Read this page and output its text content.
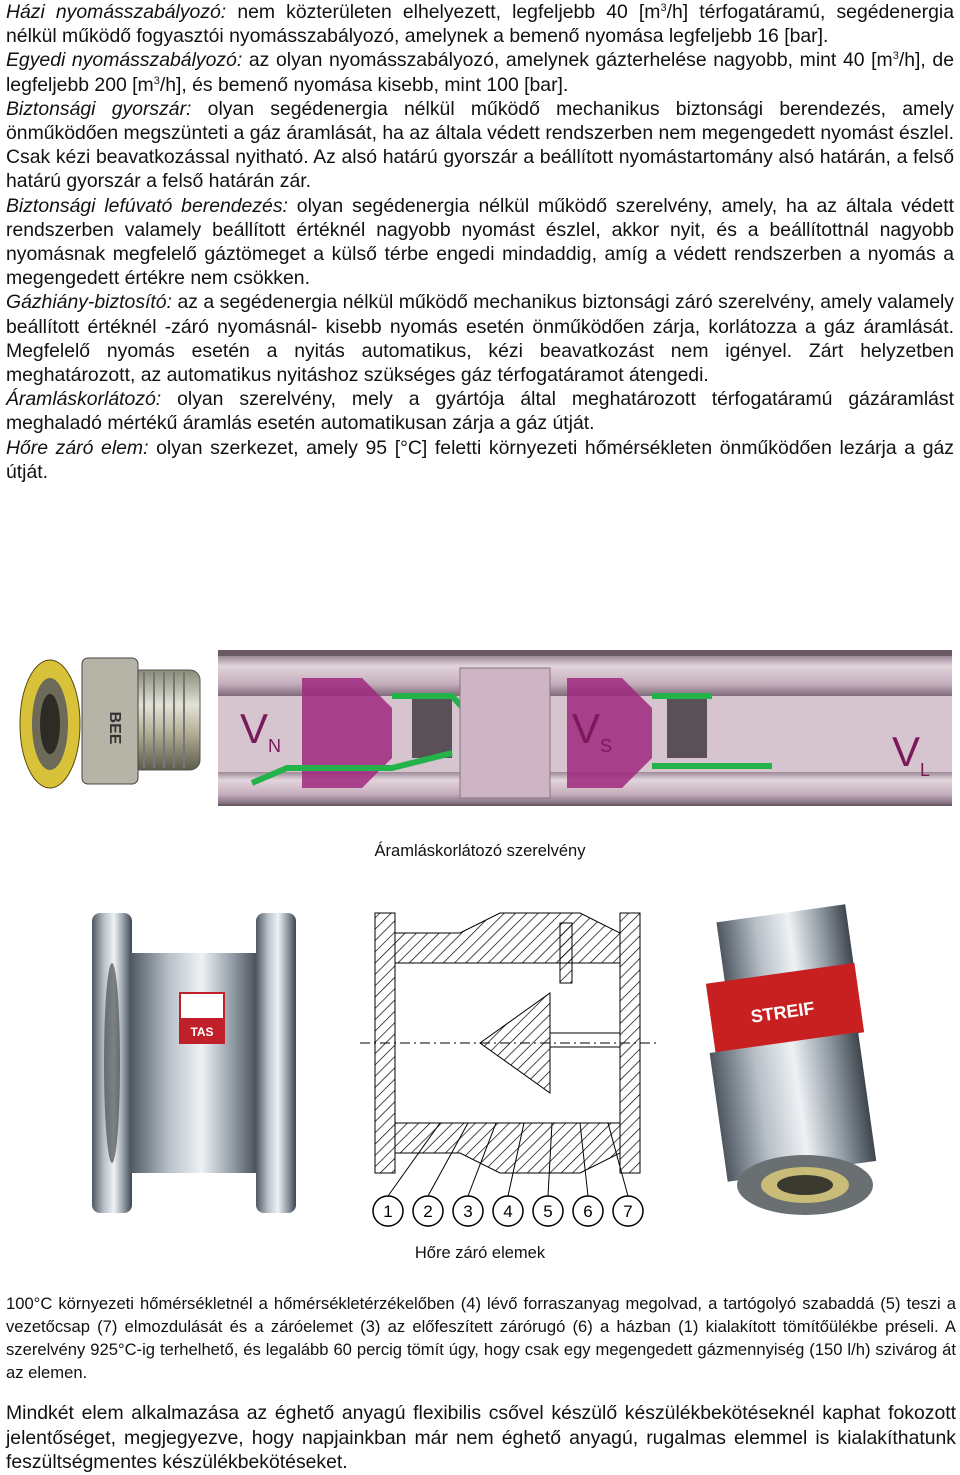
Házi nyomásszabályozó: nem közterületen elhelyezett, legfeljebb 40 $[m^3/h]$ térfogatáramú, segédenergia nélkül működő fogyasztói nyomásszabályozó, amelynek a bemenő nyomása legfeljebb 16 [bar].

Egyedi nyomásszabályozó: az olyan nyomásszabályozó, amelynek gázterhelése nagyobb, mint 40 $[m^3/h]$, de legfeljebb 200 $[m^3/h]$, és bemenő nyomása kisebb, mint 100 [bar].

Biztonsági gyorszár: olyan segédenergia nélkül működő mechanikus biztonsági berendezés, amely önműködően megszünteti a gáz áramlását, ha az általa védett rendszerben nem megengedett nyomást észlel. Csak kézi beavatkozással nyitható. Az alsó határú gyorszár a beállított nyomástartomány alsó határán, a felső határú gyorszár a felső határán zár.

Biztonsági lefúvató berendezés: olyan segédenergia nélkül működő szerelvény, amely, ha az általa védett rendszerben valamely beállított értéknél nagyobb nyomást észlel, akkor nyit, és a beállítottnál nagyobb nyomásnak megfelelő gáztömeget a külső térbe engedi mindaddig, amíg a védett rendszerben a nyomás a megengedett értékre nem csökken.

Gázhiány-biztosító: az a segédenergia nélkül működő mechanikus biztonsági záró szerelvény, amely valamely beállított értéknél -záró nyomásnál- kisebb nyomás esetén önműködően zárja, korlátozza a gáz áramlását. Megfelelő nyomás esetén a nyitás automatikus, kézi beavatkozást nem igényel. Zárt helyzetben meghatározott, az automatikus nyitáshoz szükséges gáz térfogatáramot átengedi.

Áramláskorlátozó: olyan szerelvény, mely a gyártója által meghatározott térfogatáramú gázáramlást meghaladó mértékű áramlás esetén automatikusan zárja a gáz útját.

Hőre záró elem: olyan szerkezet, amely 95 [°C] feletti környezeti hőmérsékleten önműködően lezárja a gáz útját.

BEE	V N	V S	V L
Áramláskorlátozó szerelvény
TAS
1 2 3 4 5 6 7
STREIF
Hőre záró elemek

100°C környezeti hőmérsékletnél a hőmérsékletérzékelőben (4) lévő forraszanyag megolvad, a tartógolyó szabaddá (5) teszi a vezetőcsap (7) elmozdulását és a záróelemet (3) az előfeszített zárórugó (6) a házban (1) kialakított tömítőülékbe préseli. A szerelvény 925°C-ig terhelhető, és legalább 60 percig tömít úgy, hogy csak egy megengedett gázmennyiség (150 l/h) szivárog át az elemen.

Mindkét elem alkalmazása az éghető anyagú flexibilis csővel készülő készülékbekötéseknél kaphat fokozott jelentőséget, megjegyezve, hogy napjainkban már nem éghető anyagú, rugalmas elemmel is kialakíthatunk feszültségmentes készülékbekötéseket.
